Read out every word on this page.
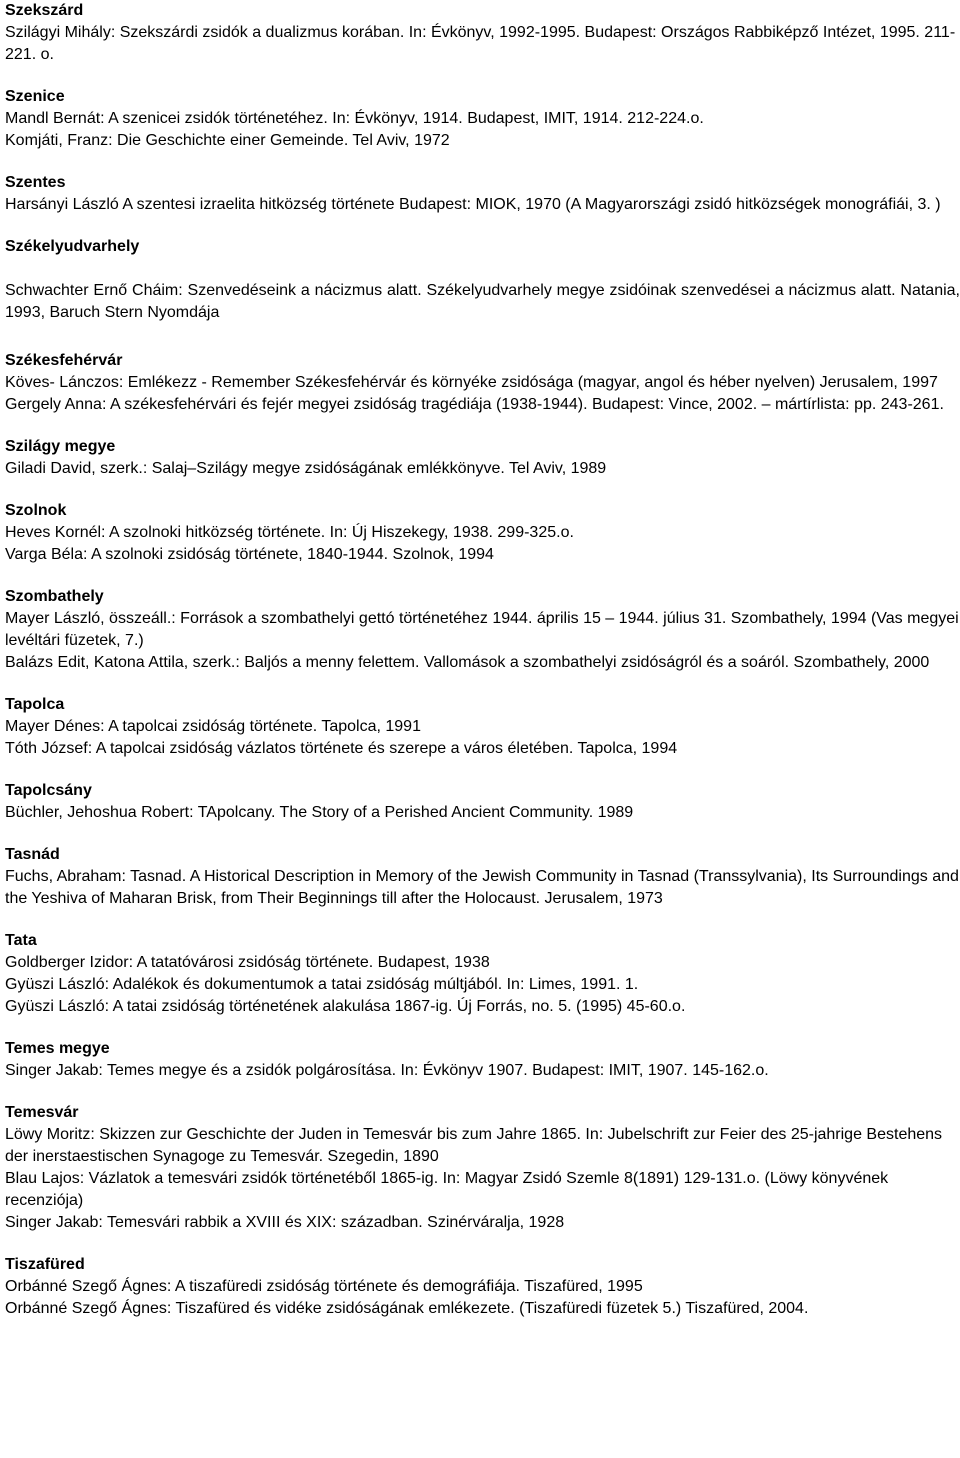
Szekszárd

Szilágyi Mihály: Szekszárdi zsidók a dualizmus korában. In: Évkönyv, 1992-1995. Budapest: Országos Rabbiképző Intézet, 1995. 211-221. o.

Szenice

Mandl Bernát: A szenicei zsidók történetéhez. In: Évkönyv, 1914. Budapest, IMIT, 1914. 212-224.o.

Komjáti, Franz: Die Geschichte einer Gemeinde. Tel Aviv, 1972

Szentes

Harsányi László A szentesi izraelita hitközség története Budapest: MIOK, 1970 (A Magyarországi zsidó hitközségek monográfiái, 3. )

Székelyudvarhely

Schwachter Ernő Cháim: Szenvedéseink a nácizmus alatt. Székelyudvarhely megye zsidóinak szenvedései a nácizmus alatt. Natania, 1993, Baruch Stern Nyomdája

Székesfehérvár

Köves- Lánczos: Emlékezz - Remember Székesfehérvár és környéke zsidósága (magyar, angol és héber nyelven) Jerusalem, 1997

Gergely Anna: A székesfehérvári és fejér megyei zsidóság tragédiája (1938-1944). Budapest: Vince, 2002. – mártírlista: pp. 243-261.

Szilágy megye

Giladi David, szerk.: Salaj–Szilágy megye zsidóságának emlékkönyve. Tel Aviv, 1989

Szolnok

Heves Kornél: A szolnoki hitközség története. In: Új Hiszekegy, 1938. 299-325.o.

Varga Béla: A szolnoki zsidóság története, 1840-1944. Szolnok, 1994

Szombathely

Mayer László, összeáll.: Források a szombathelyi gettó történetéhez 1944. április 15 – 1944. július 31. Szombathely, 1994 (Vas megyei levéltári füzetek, 7.)

Balázs Edit, Katona Attila, szerk.: Baljós a menny felettem. Vallomások a szombathelyi zsidóságról és a soáról. Szombathely, 2000

Tapolca

Mayer Dénes: A tapolcai zsidóság története. Tapolca, 1991

Tóth József: A tapolcai zsidóság vázlatos története és szerepe a város életében. Tapolca, 1994

Tapolcsány

Büchler, Jehoshua Robert: TApolcany. The Story of a Perished Ancient Community. 1989

Tasnád

Fuchs, Abraham: Tasnad. A Historical Description in Memory of the Jewish Community in Tasnad (Transsylvania), Its Surroundings and the Yeshiva of Maharan Brisk, from Their Beginnings till after the Holocaust. Jerusalem, 1973

Tata

Goldberger Izidor: A tatatóvárosi zsidóság története. Budapest, 1938

Gyüszi László: Adalékok és dokumentumok a tatai zsidóság múltjából. In: Limes, 1991. 1.

Gyüszi László: A tatai zsidóság történetének alakulása 1867-ig. Új Forrás, no. 5. (1995) 45-60.o.

Temes megye

Singer Jakab: Temes megye és a zsidók polgárosítása. In: Évkönyv 1907. Budapest: IMIT, 1907. 145-162.o.

Temesvár

Löwy Moritz: Skizzen zur Geschichte der Juden in Temesvár bis zum Jahre 1865. In: Jubelschrift zur Feier des 25-jahrige Bestehens der inerstaestischen Synagoge zu Temesvár. Szegedin, 1890

Blau Lajos: Vázlatok a temesvári zsidók történetéből 1865-ig. In: Magyar Zsidó Szemle 8(1891) 129-131.o. (Löwy könyvének recenziója)

Singer Jakab: Temesvári rabbik a XVIII és XIX: században. Szinérváralja, 1928

Tiszafüred

Orbánné Szegő Ágnes: A tiszafüredi zsidóság története és demográfiája. Tiszafüred, 1995

Orbánné Szegő Ágnes: Tiszafüred és vidéke zsidóságának emlékezete. (Tiszafüredi füzetek 5.) Tiszafüred, 2004.
